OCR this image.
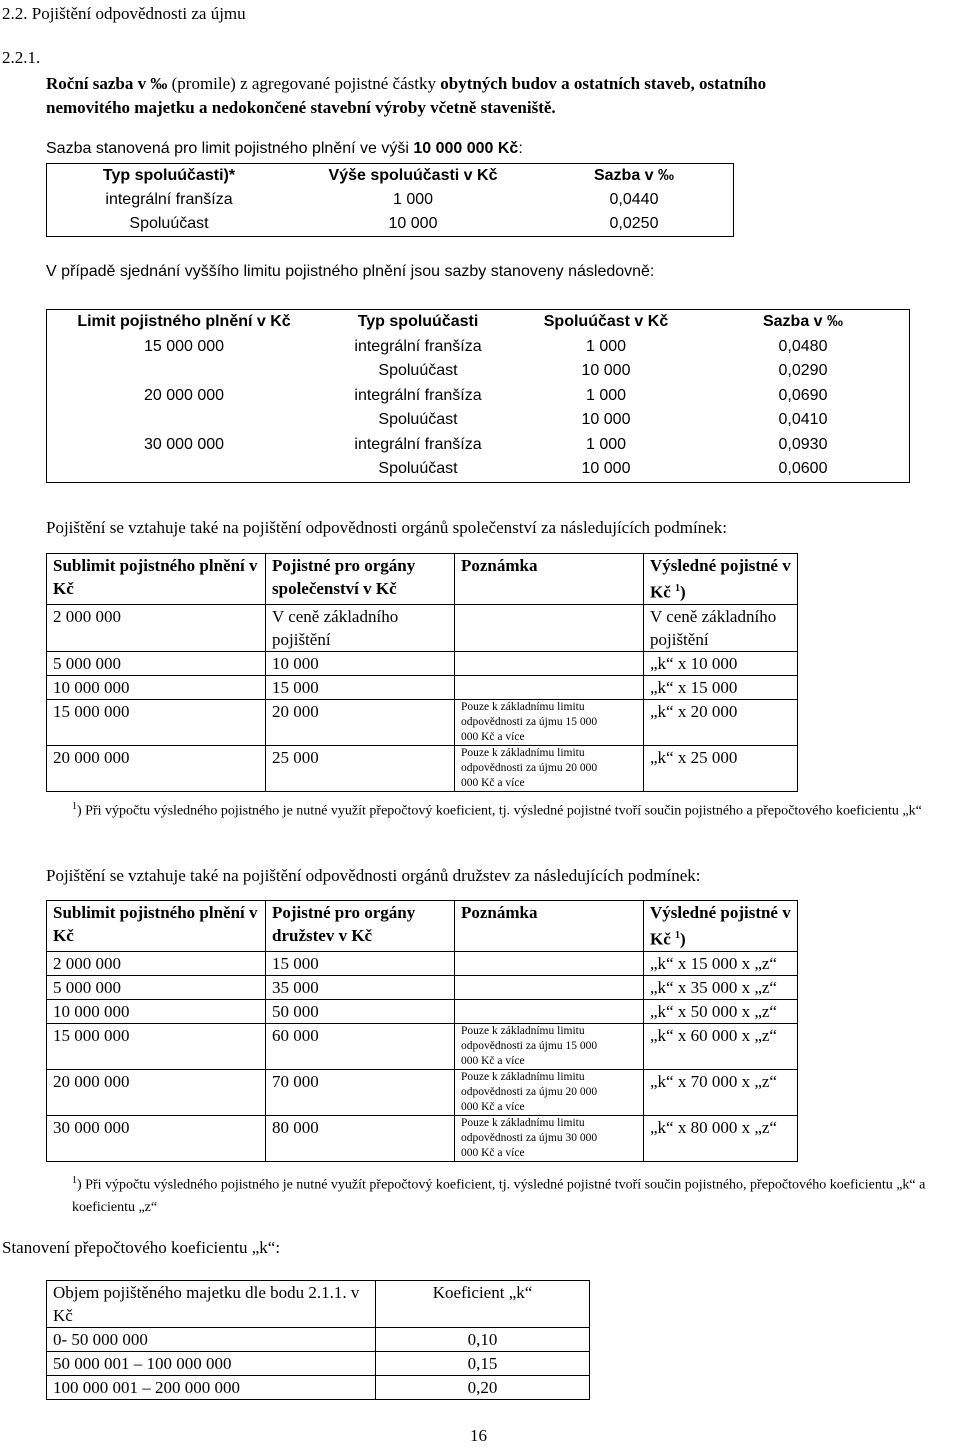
2.2. Pojištění odpovědnosti za újmu
2.2.1.
Roční sazba v ‰ (promile) z agregované pojistné částky obytných budov a ostatních staveb, ostatního
nemovitého majetku a nedokončené stavební výroby včetně staveniště.
Sazba stanovená pro limit pojistného plnění ve výši 10 000 000 Kč:
Typ spoluúčasti)*	Výše spoluúčasti v Kč	Sazba v ‰
integrální franšíza	1 000	0,0440
Spoluúčast	10 000	0,0250
V případě sjednání vyššího limitu pojistného plnění jsou sazby stanoveny následovně:
Limit pojistného plnění v Kč	Typ spoluúčasti	Spoluúčast v Kč	Sazba v ‰
15 000 000	integrální franšíza	1 000	0,0480
	Spoluúčast	10 000	0,0290
20 000 000	integrální franšíza	1 000	0,0690
	Spoluúčast	10 000	0,0410
30 000 000	integrální franšíza	1 000	0,0930
	Spoluúčast	10 000	0,0600

Pojištění se vztahuje také na pojištění odpovědnosti orgánů společenství za následujících podmínek:
Sublimit pojistného plnění v Kč	Pojistné pro orgány společenství v Kč	Poznámka	Výsledné pojistné v Kč $^1$)
2 000 000	V ceně základního pojištění		V ceně základního pojištění
5 000 000	10 000		„k“ x 10 000
10 000 000	15 000		„k“ x 15 000
15 000 000	20 000	Pouze k základnímu limitu odpovědnosti za újmu 15 000 000 Kč a více	„k“ x 20 000
20 000 000	25 000	Pouze k základnímu limitu odpovědnosti za újmu 20 000 000 Kč a více	„k“ x 25 000
$^1$) Při výpočtu výsledného pojistného je nutné využít přepočtový koeficient, tj. výsledné pojistné tvoří součin pojistného a přepočtového koeficientu „k“
Pojištění se vztahuje také na pojištění odpovědnosti orgánů družstev za následujících podmínek:
Sublimit pojistného plnění v Kč	Pojistné pro orgány družstev v Kč	Poznámka	Výsledné pojistné v Kč $^1$)
2 000 000	15 000		„k“ x 15 000 x „z“
5 000 000	35 000		„k“ x 35 000 x „z“
10 000 000	50 000		„k“ x 50 000 x „z“
15 000 000	60 000	Pouze k základnímu limitu odpovědnosti za újmu 15 000 000 Kč a více	„k“ x 60 000 x „z“
20 000 000	70 000	Pouze k základnímu limitu odpovědnosti za újmu 20 000 000 Kč a více	„k“ x 70 000 x „z“
30 000 000	80 000	Pouze k základnímu limitu odpovědnosti za újmu 30 000 000 Kč a více	„k“ x 80 000 x „z“
$^1$) Při výpočtu výsledného pojistného je nutné využít přepočtový koeficient, tj. výsledné pojistné tvoří součin pojistného, přepočtového koeficientu „k“ a koeficientu „z“
Stanovení přepočtového koeficientu „k“:
Objem pojištěného majetku dle bodu 2.1.1. v Kč	Koeficient „k“
0- 50 000 000	0,10
50 000 001 – 100 000 000	0,15
100 000 001 – 200 000 000	0,20
16
